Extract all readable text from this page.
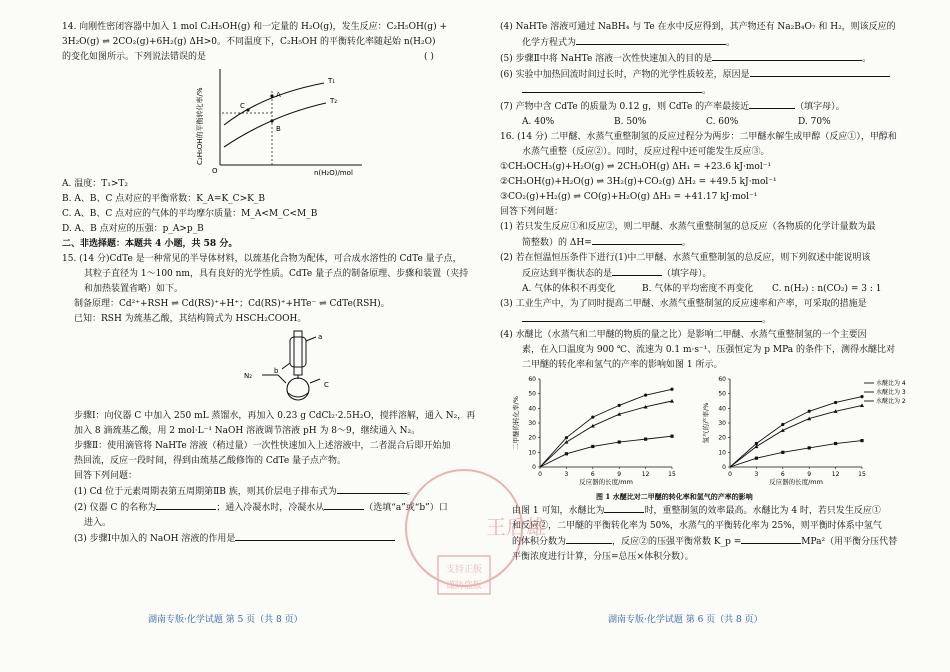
14. 向刚性密闭容器中加入 1 mol C₂H₅OH(g) 和一定量的 H₂O(g)，发生反应：C₂H₅OH(g) +
3H₂O(g) ⇌ 2CO₂(g)+6H₂(g) ΔH>0。不同温度下，C₂H₅OH 的平衡转化率随起始 n(H₂O)
的变化如图所示。下列说法错误的是	( )
C₂H₅OH的平衡转化率/%
n(H₂O)/mol
O
A
B
C
T₁
T₂
A. 温度：T₁>T₂
B. A、B、C 点对应的平衡常数：K_A=K_C>K_B
C. A、B、C 点对应的气体的平均摩尔质量：M_A<M_C<M_B
D. A、B 点对应的压强：p_A>p_B
二、非选择题：本题共 4 小题，共 58 分。
15. (14 分)CdTe 是一种常见的半导体材料，以巯基化合物为配体，可合成水溶性的 CdTe 量子点，
其粒子直径为 1～100 nm，具有良好的光学性质。CdTe 量子点的制备原理、步骤和装置（夹持
和加热装置省略）如下。
制备原理：Cd²⁺+RSH ⇌ Cd(RS)⁺+H⁺；Cd(RS)⁺+HTe⁻ ⇌ CdTe(RSH)。
已知：RSH 为巯基乙酸，其结构简式为 HSCH₂COOH。
a
b
N₂
C
步骤Ⅰ：向仪器 C 中加入 250 mL 蒸馏水，再加入 0.23 g CdCl₂·2.5H₂O，搅拌溶解，通入 N₂，再
加入 8 滴巯基乙酸，用 2 mol·L⁻¹ NaOH 溶液调节溶液 pH 为 8～9，继续通入 N₂。
步骤Ⅱ：使用滴管将 NaHTe 溶液（稍过量）一次性快速加入上述溶液中，二者混合后即开始加
热回流，反应一段时间，得到由巯基乙酸修饰的 CdTe 量子点产物。
回答下列问题：
(1) Cd 位于元素周期表第五周期第ⅡB 族，则其价层电子排布式为	。
(2) 仪器 C 的名称为	；通入冷凝水时，冷凝水从	（选填“a”或“b”）口
进入。
(3) 步骤Ⅰ中加入的 NaOH 溶液的作用是
湖南专版·化学试题 第 5 页（共 8 页）
(4) NaHTe 溶液可通过 NaBH₄ 与 Te 在水中反应得到，其产物还有 Na₂B₄O₇ 和 H₂，则该反应的
化学方程式为	。
(5) 步骤Ⅱ中将 NaHTe 溶液一次性快速加入的目的是	。
(6) 实验中加热回流时间过长时，产物的光学性质较差，原因是
。
(7) 产物中含 CdTe 的质量为 0.12 g，则 CdTe 的产率最接近	（填字母）。
A. 40%	B. 50%	C. 60%	D. 70%
16. (14 分) 二甲醚、水蒸气重整制氢的反应过程分为两步：二甲醚水解生成甲醇（反应①），甲醇和
水蒸气重整（反应②）。同时，反应过程中还可能发生反应③。
①CH₃OCH₃(g)+H₂O(g) ⇌ 2CH₃OH(g) ΔH₁ = +23.6 kJ·mol⁻¹
②CH₃OH(g)+H₂O(g) ⇌ 3H₂(g)+CO₂(g) ΔH₂ = +49.5 kJ·mol⁻¹
③CO₂(g)+H₂(g) ⇌ CO(g)+H₂O(g) ΔH₃ = +41.17 kJ·mol⁻¹
回答下列问题：
(1) 若只发生反应①和反应②，则二甲醚、水蒸气重整制氢的总反应（各物质的化学计量数为最
简整数）的 ΔH=	。
(2) 若在恒温恒压条件下进行(1)中二甲醚、水蒸气重整制氢的总反应，则下列叙述中能说明该
反应达到平衡状态的是	（填字母）。
A. 气体的体积不再变化	B. 气体的平均密度不再变化 C. n(H₂) : n(CO₂) = 3 : 1
(3) 工业生产中，为了同时提高二甲醚、水蒸气重整制氢的反应速率和产率，可采取的措施是
。
(4) 水醚比（水蒸气和二甲醚的物质的量之比）是影响二甲醚、水蒸气重整制氢的一个主要因
素，在入口温度为 900 ℃、流速为 0.1 m·s⁻¹、压强恒定为 p MPa 的条件下，测得水醚比对
二甲醚的转化率和氢气的产率的影响如图 1 所示。
0
10
20
30
40
50
60
0	3	6	9	12	15
反应器的长度/mm
二甲醚的转化率/%
0
10
20
30
40
50
60
0	3	6	9	12	15
反应器的长度/mm
氢气的产率/%
水醚比为 4
水醚比为 3
水醚比为 2
图 1 水醚比对二甲醚的转化率和氢气的产率的影响
由图 1 可知，水醚比为	时，重整制氢的效率最高。水醚比为 4 时，若只发生反应①
和反应②，二甲醚的平衡转化率为 50%，水蒸气的平衡转化率为 25%，则平衡时体系中氢气
的体积分数为	，反应②的压强平衡常数 K_p =	MPa²（用平衡分压代替
平衡浓度进行计算，分压=总压×体积分数）。
湖南专版·化学试题 第 6 页（共 8 页）
王后雄
支持正版
谨防盗版
